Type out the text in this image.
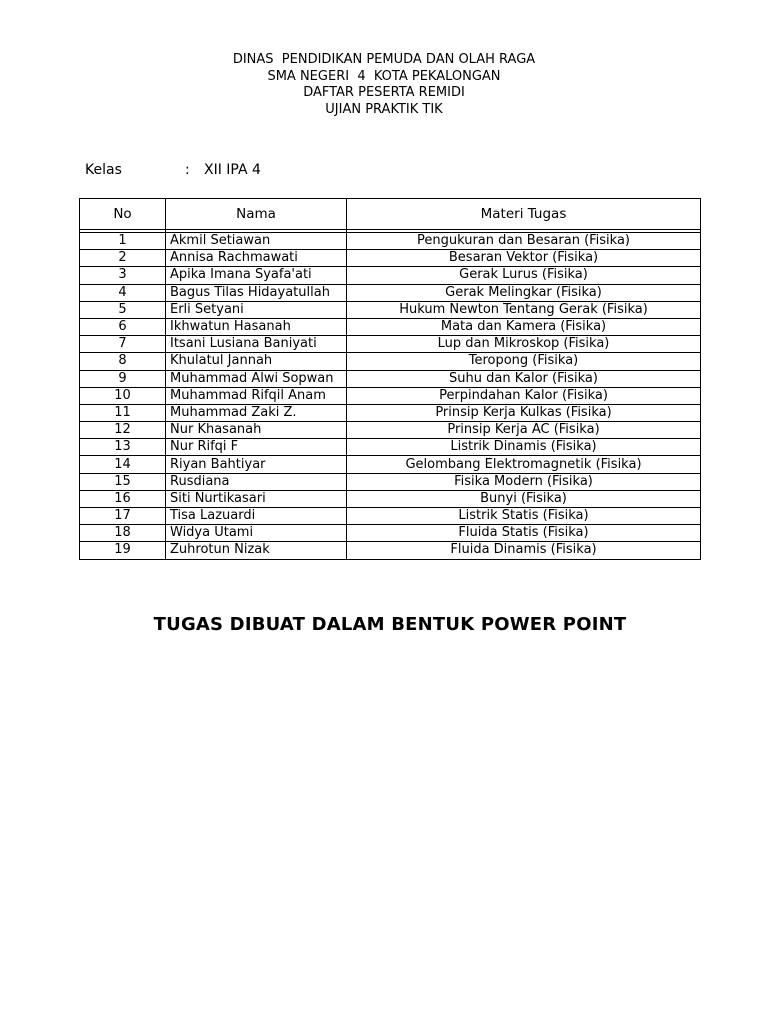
DINAS  PENDIDIKAN PEMUDA DAN OLAH RAGA
SMA NEGERI  4  KOTA PEKALONGAN
DAFTAR PESERTA REMIDI
UJIAN PRAKTIK TIK
Kelas	: XII IPA 4
No	Nama	Materi Tugas

1	Akmil Setiawan	Pengukuran dan Besaran (Fisika)
2	Annisa Rachmawati	Besaran Vektor (Fisika)
3	Apika Imana Syafa'ati	Gerak Lurus (Fisika)
4	Bagus Tilas Hidayatullah	Gerak Melingkar (Fisika)
5	Erli Setyani	Hukum Newton Tentang Gerak (Fisika)
6	Ikhwatun Hasanah	Mata dan Kamera (Fisika)
7	Itsani Lusiana Baniyati	Lup dan Mikroskop (Fisika)
8	Khulatul Jannah	Teropong (Fisika)
9	Muhammad Alwi Sopwan	Suhu dan Kalor (Fisika)
10	Muhammad Rifqil Anam	Perpindahan Kalor (Fisika)
11	Muhammad Zaki Z.	Prinsip Kerja Kulkas (Fisika)
12	Nur Khasanah	Prinsip Kerja AC (Fisika)
13	Nur Rifqi F	Listrik Dinamis (Fisika)
14	Riyan Bahtiyar	Gelombang Elektromagnetik (Fisika)
15	Rusdiana	Fisika Modern (Fisika)
16	Siti Nurtikasari	Bunyi (Fisika)
17	Tisa Lazuardi	Listrik Statis (Fisika)
18	Widya Utami	Fluida Statis (Fisika)
19	Zuhrotun Nizak	Fluida Dinamis (Fisika)
TUGAS DIBUAT DALAM BENTUK POWER POINT
